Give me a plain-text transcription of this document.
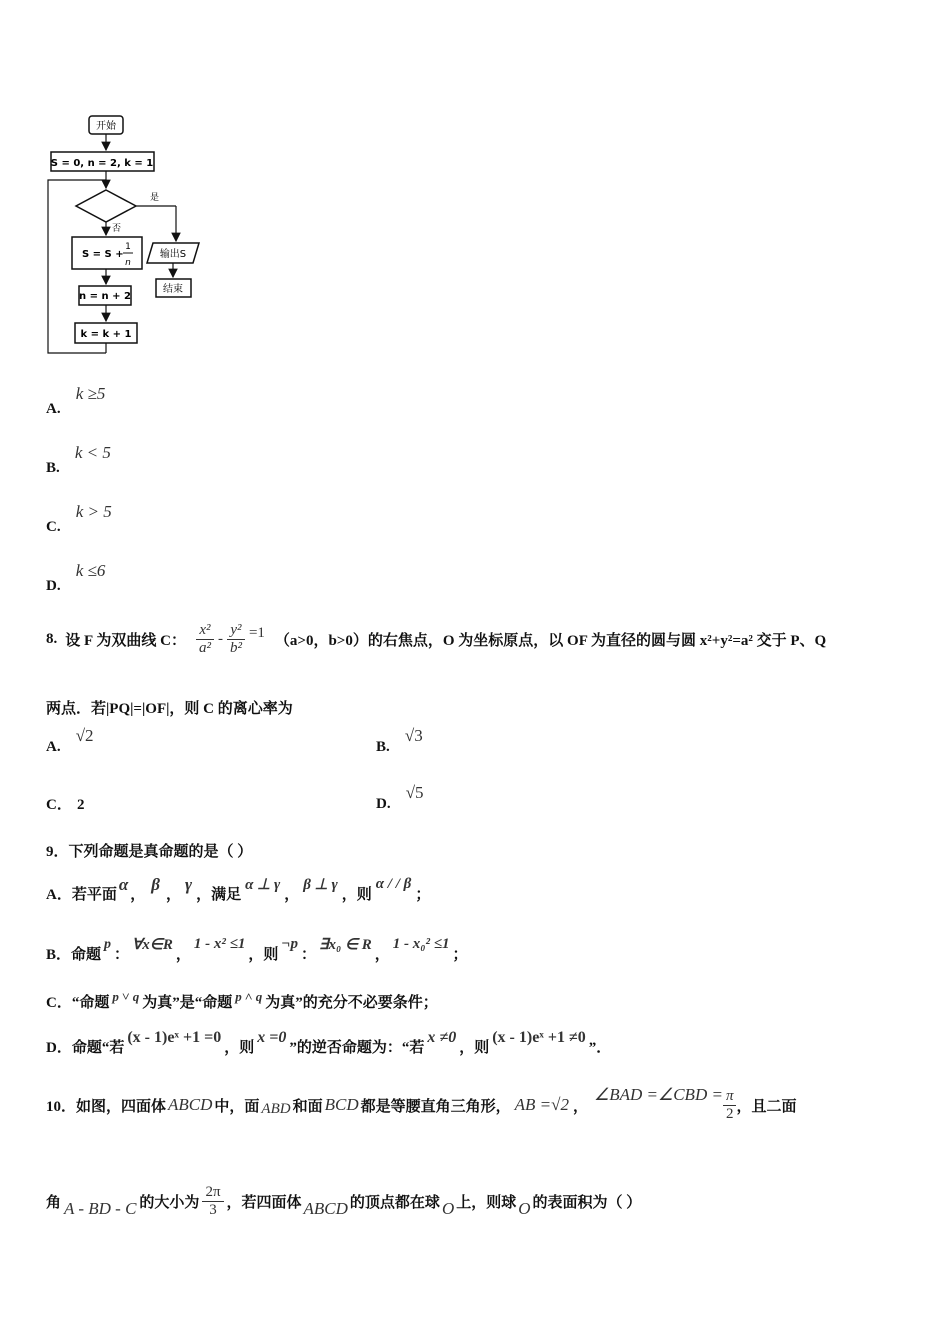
开始
S = 0, n = 2, k = 1
是
否
S = S +
1
n
n = n + 2
k = k + 1
输出S
结束
A. k ≥5
B. k < 5
C. k > 5
D. k ≤6
8. 设 F 为双曲线 C： $\frac{\text{x²}}{\text{a²}} - \frac{\text{y²}}{\text{b²}} =1$ （a>0，b>0）的右焦点，O 为坐标原点，以 OF 为直径的圆与圆 x²+y²=a² 交于 P、Q
两点．若|PQ|=|OF|，则 C 的离心率为
A. √2
B. √3
C． 2	D. √5
9．下列命题是真命题的是（ ）
A．若平面
α
，
β
，
γ
，满足
α ⊥ γ
，
β ⊥ γ
，则
α / / β
；
B．命题
p
：
∀x∈R
，
1 - x² ≤1
，则
¬p
：
∃x₀ ∈ R
，
1 - x₀² ≤1
；
C．“命题 p ˅ q 为真”是“命题 p ˄ q 为真”的充分不必要条件；
D．命题“若
(x - 1)eˣ +1 =0
，则
x =0
”的逆否命题为：“若
x ≠0
，则
(x - 1)eˣ +1 ≠0
”．
10．如图，四面体 ABCD 中，面 ABD 和面 BCD 都是等腰直角三角形， AB =√2 ，
∠BAD =∠CBD = $\frac{\pi}{2}$ ，且二面
角 A - BD - C 的大小为 $\frac{2\pi}{3}$ ，若四面体 ABCD 的顶点都在球 O 上，则球 O 的表面积为（ ）
